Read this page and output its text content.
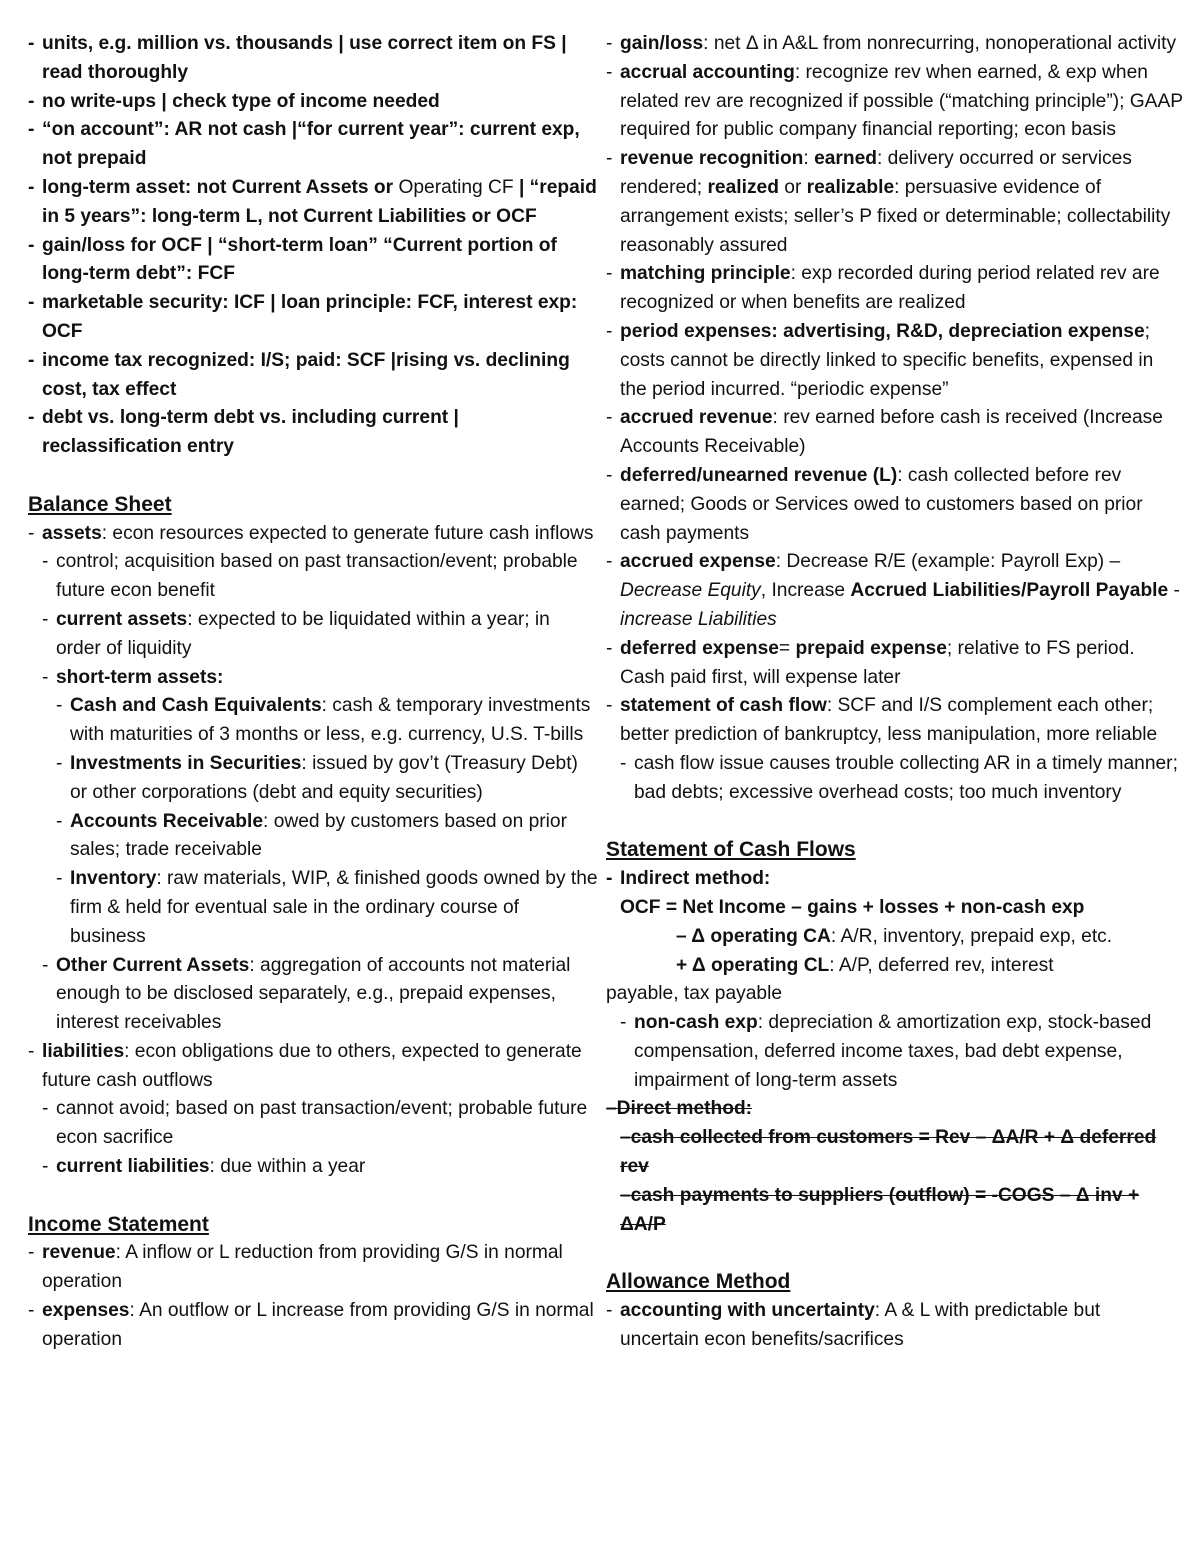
- units, e.g. million vs. thousands | use correct item on FS | read thoroughly
- no write-ups | check type of income needed
- “on account”: AR not cash |“for current year”: current exp, not prepaid
- long-term asset: not Current Assets or Operating CF | “repaid in 5 years”: long-term L, not Current Liabilities or OCF
- gain/loss for OCF | “short-term loan” “Current portion of long-term debt”: FCF
- marketable security: ICF | loan principle: FCF, interest exp: OCF
- income tax recognized: I/S; paid: SCF |rising vs. declining cost, tax effect
- debt vs. long-term debt vs. including current | reclassification entry
Balance Sheet
- assets: econ resources expected to generate future cash inflows
- control; acquisition based on past transaction/event; probable future econ benefit
- current assets: expected to be liquidated within a year; in order of liquidity
- short-term assets:
- Cash and Cash Equivalents: cash & temporary investments with maturities of 3 months or less, e.g. currency, U.S. T-bills
- Investments in Securities: issued by gov’t (Treasury Debt) or other corporations (debt and equity securities)
- Accounts Receivable: owed by customers based on prior sales; trade receivable
- Inventory: raw materials, WIP, & finished goods owned by the firm & held for eventual sale in the ordinary course of business
- Other Current Assets: aggregation of accounts not material enough to be disclosed separately, e.g., prepaid expenses, interest receivables
- liabilities: econ obligations due to others, expected to generate future cash outflows
- cannot avoid; based on past transaction/event; probable future econ sacrifice
- current liabilities: due within a year
Income Statement
- revenue: A inflow or L reduction from providing G/S in normal operation
- expenses: An outflow or L increase from providing G/S in normal operation
- gain/loss: net Δ in A&L from nonrecurring, nonoperational activity
- accrual accounting: recognize rev when earned, & exp when related rev are recognized if possible (“matching principle”); GAAP required for public company financial reporting; econ basis
- revenue recognition: earned: delivery occurred or services rendered; realized or realizable: persuasive evidence of arrangement exists; seller’s P fixed or determinable; collectability reasonably assured
- matching principle: exp recorded during period related rev are recognized or when benefits are realized
- period expenses: advertising, R&D, depreciation expense; costs cannot be directly linked to specific benefits, expensed in the period incurred. “periodic expense”
- accrued revenue: rev earned before cash is received (Increase Accounts Receivable)
- deferred/unearned revenue (L): cash collected before rev earned; Goods or Services owed to customers based on prior cash payments
- accrued expense: Decrease R/E (example: Payroll Exp) – Decrease Equity, Increase Accrued Liabilities/Payroll Payable - increase Liabilities
- deferred expense= prepaid expense; relative to FS period. Cash paid first, will expense later
- statement of cash flow: SCF and I/S complement each other; better prediction of bankruptcy, less manipulation, more reliable
- cash flow issue causes trouble collecting AR in a timely manner; bad debts; excessive overhead costs; too much inventory
Statement of Cash Flows
- Indirect method:
OCF = Net Income – gains + losses + non-cash exp
– Δ operating CA: A/R, inventory, prepaid exp, etc.
+ Δ operating CL: A/P, deferred rev, interest
payable, tax payable
- non-cash exp: depreciation & amortization exp, stock-based compensation, deferred income taxes, bad debt expense, impairment of long-term assets
–Direct method:
–cash collected from customers = Rev – ΔA/R + Δ deferred rev
–cash payments to suppliers (outflow) = -COGS – Δ inv + ΔA/P
Allowance Method
- accounting with uncertainty: A & L with predictable but uncertain econ benefits/sacrifices
